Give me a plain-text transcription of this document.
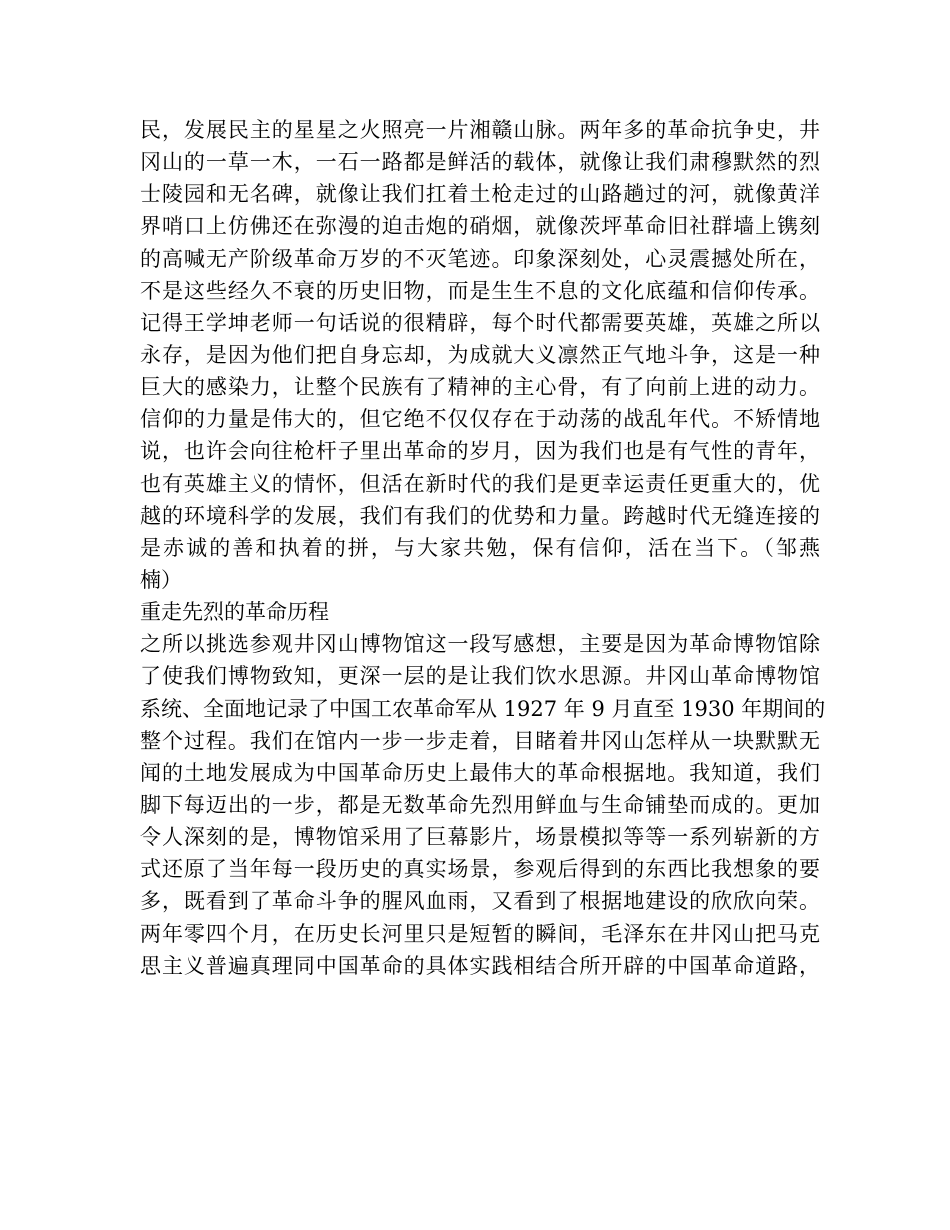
民，发展民主的星星之火照亮一片湘赣山脉。两年多的革命抗争史，井
冈山的一草一木，一石一路都是鲜活的载体，就像让我们肃穆默然的烈
士陵园和无名碑，就像让我们扛着土枪走过的山路趟过的河，就像黄洋
界哨口上仿佛还在弥漫的迫击炮的硝烟，就像茨坪革命旧社群墙上镌刻
的高喊无产阶级革命万岁的不灭笔迹。印象深刻处，心灵震撼处所在，
不是这些经久不衰的历史旧物，而是生生不息的文化底蕴和信仰传承。
记得王学坤老师一句话说的很精辟，每个时代都需要英雄，英雄之所以
永存，是因为他们把自身忘却，为成就大义凛然正气地斗争，这是一种
巨大的感染力，让整个民族有了精神的主心骨，有了向前上进的动力。
信仰的力量是伟大的，但它绝不仅仅存在于动荡的战乱年代。不矫情地
说，也许会向往枪杆子里出革命的岁月，因为我们也是有气性的青年，
也有英雄主义的情怀，但活在新时代的我们是更幸运责任更重大的，优
越的环境科学的发展，我们有我们的优势和力量。跨越时代无缝连接的
是赤诚的善和执着的拼，与大家共勉，保有信仰，活在当下。（邹燕
楠）
重走先烈的革命历程
之所以挑选参观井冈山博物馆这一段写感想，主要是因为革命博物馆除
了使我们博物致知，更深一层的是让我们饮水思源。井冈山革命博物馆
系统、全面地记录了中国工农革命军从 1927 年 9 月直至 1930 年期间的
整个过程。我们在馆内一步一步走着，目睹着井冈山怎样从一块默默无
闻的土地发展成为中国革命历史上最伟大的革命根据地。我知道，我们
脚下每迈出的一步，都是无数革命先烈用鲜血与生命铺垫而成的。更加
令人深刻的是，博物馆采用了巨幕影片，场景模拟等等一系列崭新的方
式还原了当年每一段历史的真实场景，参观后得到的东西比我想象的要
多，既看到了革命斗争的腥风血雨，又看到了根据地建设的欣欣向荣。
两年零四个月，在历史长河里只是短暂的瞬间，毛泽东在井冈山把马克
思主义普遍真理同中国革命的具体实践相结合所开辟的中国革命道路，
